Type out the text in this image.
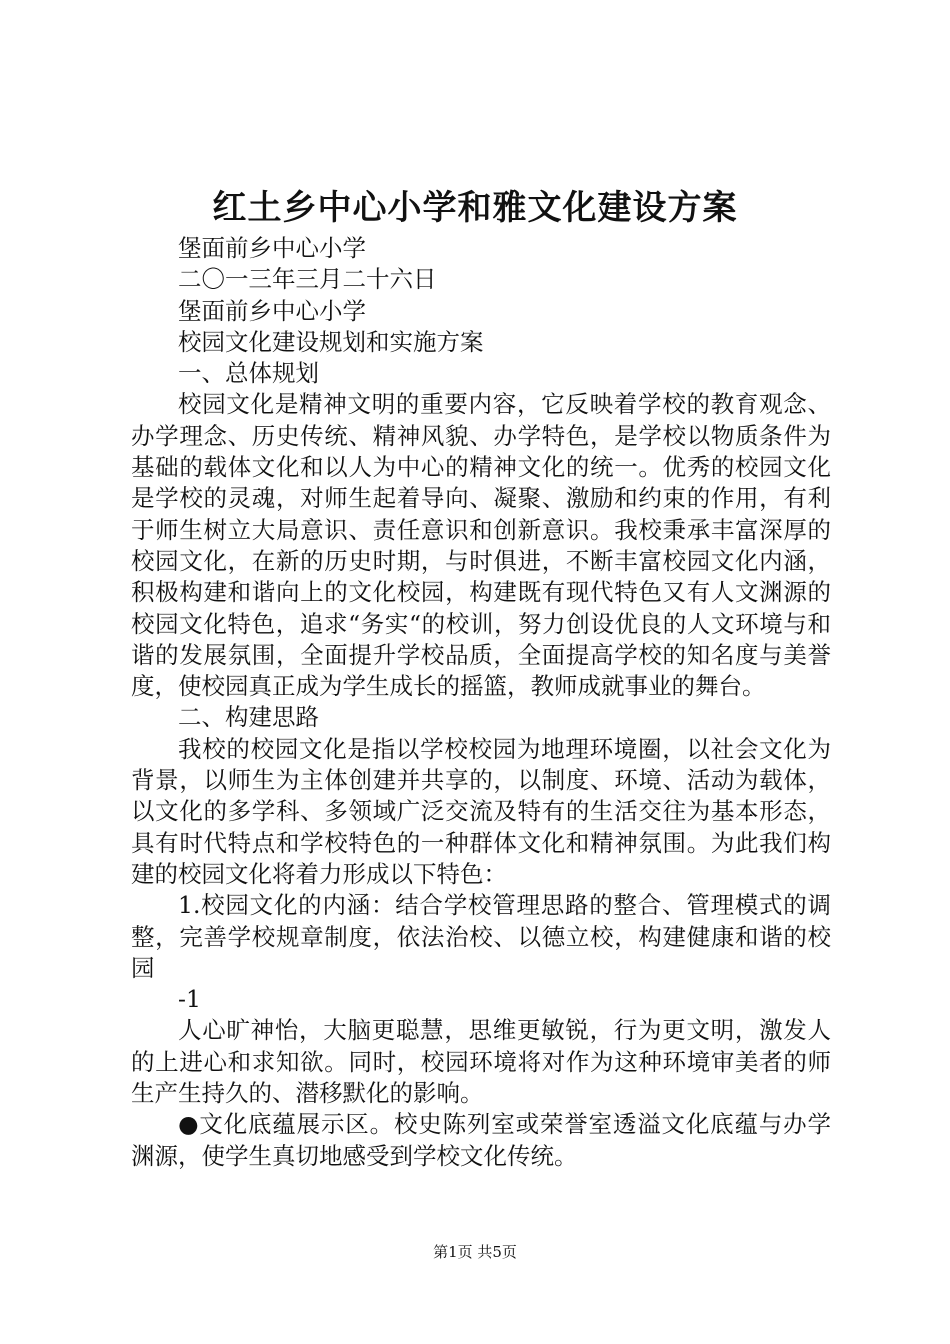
红土乡中心小学和雅文化建设方案

堡面前乡中心小学

二〇一三年三月二十六日

堡面前乡中心小学

校园文化建设规划和实施方案

一、总体规划

校园文化是精神文明的重要内容，它反映着学校的教育观念、办学理念、历史传统、精神风貌、办学特色，是学校以物质条件为基础的载体文化和以人为中心的精神文化的统一。优秀的校园文化是学校的灵魂，对师生起着导向、凝聚、激励和约束的作用，有利于师生树立大局意识、责任意识和创新意识。我校秉承丰富深厚的校园文化，在新的历史时期，与时俱进，不断丰富校园文化内涵，积极构建和谐向上的文化校园，构建既有现代特色又有人文渊源的校园文化特色，追求“务实“的校训，努力创设优良的人文环境与和谐的发展氛围，全面提升学校品质，全面提高学校的知名度与美誉度，使校园真正成为学生成长的摇篮，教师成就事业的舞台。

二、构建思路

我校的校园文化是指以学校校园为地理环境圈，以社会文化为背景，以师生为主体创建并共享的，以制度、环境、活动为载体，以文化的多学科、多领域广泛交流及特有的生活交往为基本形态，具有时代特点和学校特色的一种群体文化和精神氛围。为此我们构建的校园文化将着力形成以下特色：

1.校园文化的内涵：结合学校管理思路的整合、管理模式的调整，完善学校规章制度，依法治校、以德立校，构建健康和谐的校园

-1

人心旷神怡，大脑更聪慧，思维更敏锐，行为更文明，激发人的上进心和求知欲。同时，校园环境将对作为这种环境审美者的师生产生持久的、潜移默化的影响。

●文化底蕴展示区。校史陈列室或荣誉室透溢文化底蕴与办学渊源，使学生真切地感受到学校文化传统。

第1页 共5页
